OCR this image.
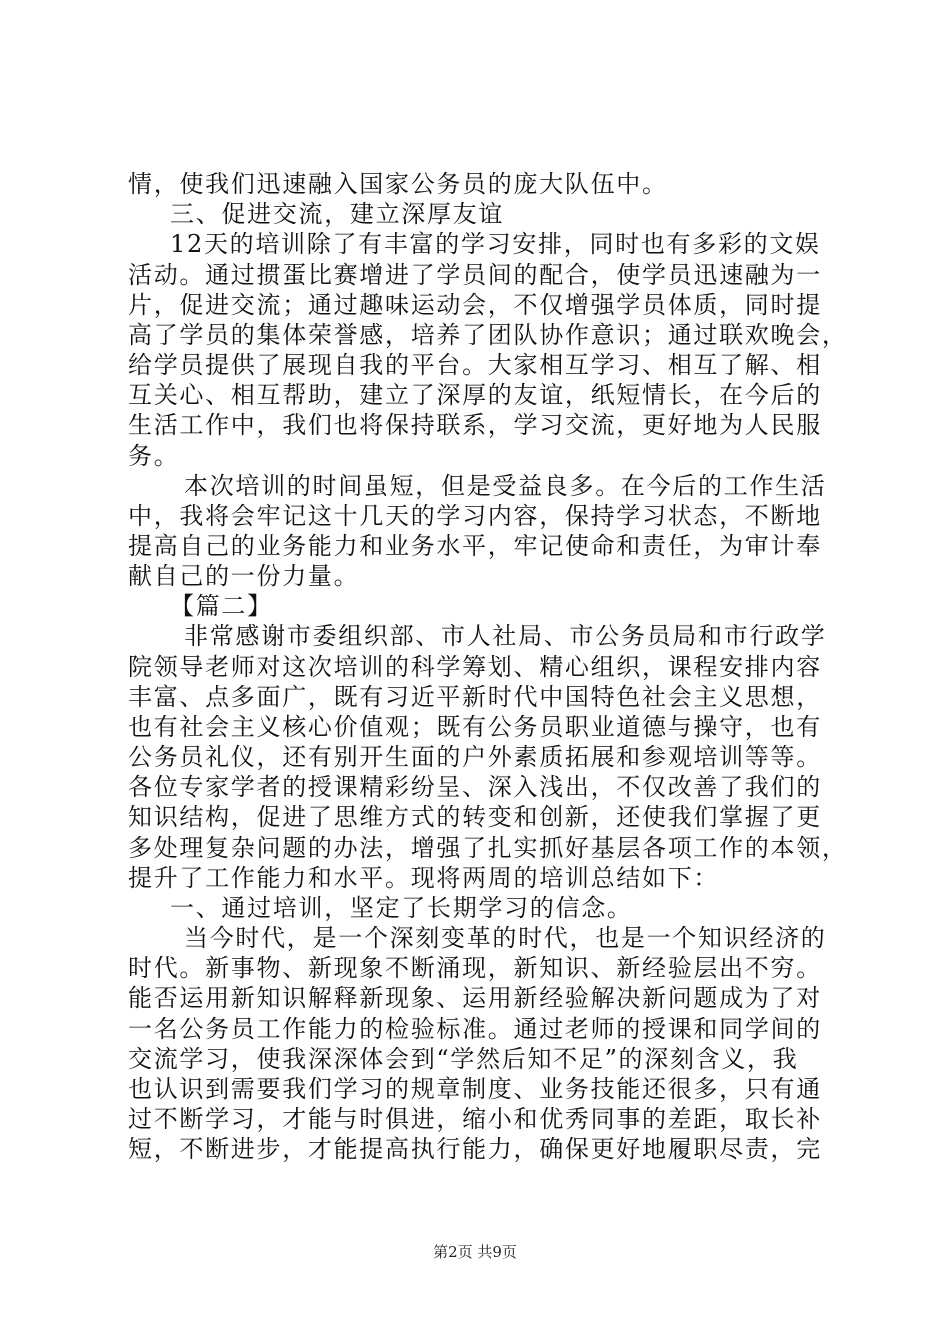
情，使我们迅速融入国家公务员的庞大队伍中。
三、促进交流，建立深厚友谊
12天的培训除了有丰富的学习安排，同时也有多彩的文娱
活动。通过掼蛋比赛增进了学员间的配合，使学员迅速融为一
片，促进交流；通过趣味运动会，不仅增强学员体质，同时提
高了学员的集体荣誉感，培养了团队协作意识；通过联欢晚会，
给学员提供了展现自我的平台。大家相互学习、相互了解、相
互关心、相互帮助，建立了深厚的友谊，纸短情长，在今后的
生活工作中，我们也将保持联系，学习交流，更好地为人民服
务。
本次培训的时间虽短，但是受益良多。在今后的工作生活
中，我将会牢记这十几天的学习内容，保持学习状态，不断地
提高自己的业务能力和业务水平，牢记使命和责任，为审计奉
献自己的一份力量。
【篇二】
非常感谢市委组织部、市人社局、市公务员局和市行政学
院领导老师对这次培训的科学筹划、精心组织，课程安排内容
丰富、点多面广，既有习近平新时代中国特色社会主义思想，
也有社会主义核心价值观；既有公务员职业道德与操守，也有
公务员礼仪，还有别开生面的户外素质拓展和参观培训等等。
各位专家学者的授课精彩纷呈、深入浅出，不仅改善了我们的
知识结构，促进了思维方式的转变和创新，还使我们掌握了更
多处理复杂问题的办法，增强了扎实抓好基层各项工作的本领，
提升了工作能力和水平。现将两周的培训总结如下：
一、通过培训，坚定了长期学习的信念。
当今时代，是一个深刻变革的时代，也是一个知识经济的
时代。新事物、新现象不断涌现，新知识、新经验层出不穷。
能否运用新知识解释新现象、运用新经验解决新问题成为了对
一名公务员工作能力的检验标准。通过老师的授课和同学间的
交流学习，使我深深体会到“学然后知不足”的深刻含义，我
也认识到需要我们学习的规章制度、业务技能还很多，只有通
过不断学习，才能与时俱进，缩小和优秀同事的差距，取长补
短，不断进步，才能提高执行能力，确保更好地履职尽责，完
第2页 共9页
